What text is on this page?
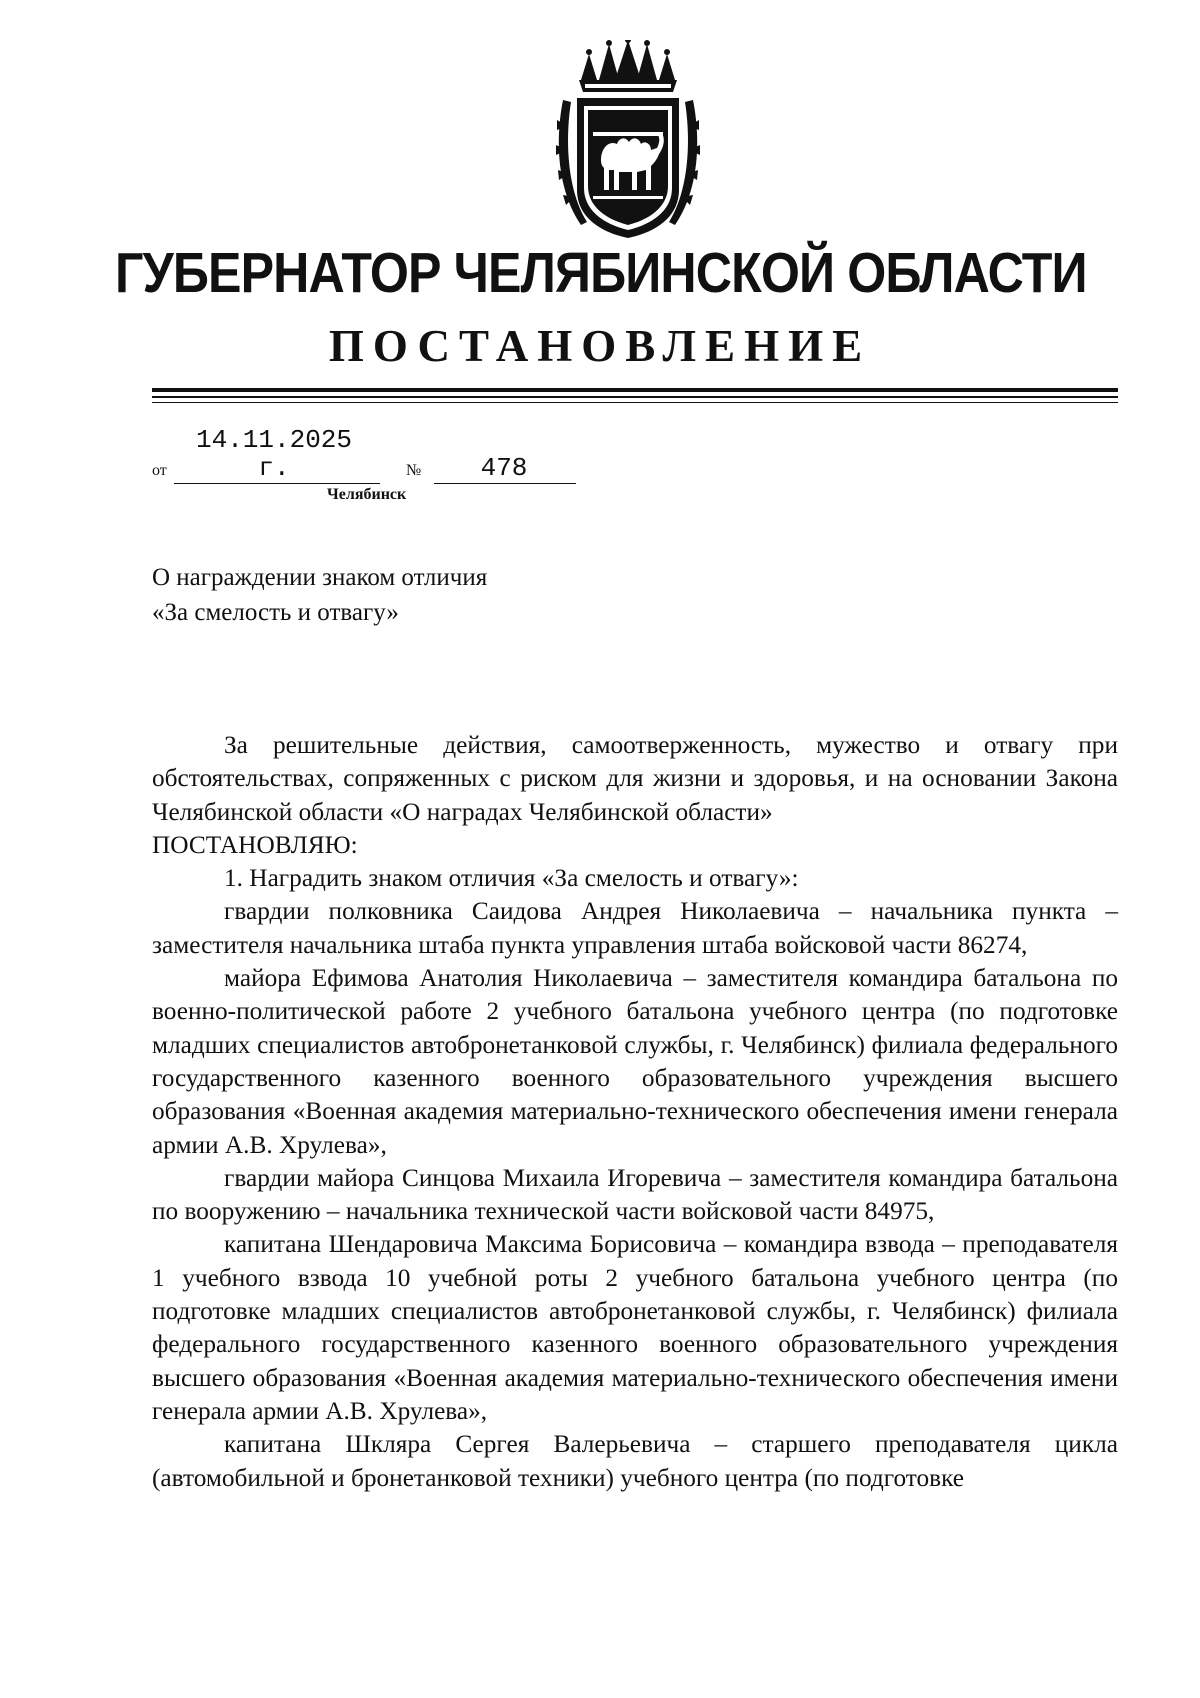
ГУБЕРНАТОР ЧЕЛЯБИНСКОЙ ОБЛАСТИ
ПОСТАНОВЛЕНИЕ
от
14.11.2025 г.	№	478
Челябинск
О награждении знаком отличия
«За смелость и отвагу»

За решительные действия, самоотверженность, мужество и отвагу при обстоятельствах, сопряженных с риском для жизни и здоровья, и на основании Закона Челябинской области «О наградах Челябинской области»

ПОСТАНОВЛЯЮ:

1. Наградить знаком отличия «За смелость и отвагу»:

гвардии полковника Саидова Андрея Николаевича – начальника пункта – заместителя начальника штаба пункта управления штаба войсковой части 86274,

майора Ефимова Анатолия Николаевича – заместителя командира батальона по военно-политической работе 2 учебного батальона учебного центра (по подготовке младших специалистов автобронетанковой службы, г. Челябинск) филиала федерального государственного казенного военного образовательного учреждения высшего образования «Военная академия материально-технического обеспечения имени генерала армии А.В. Хрулева»,

гвардии майора Синцова Михаила Игоревича – заместителя командира батальона по вооружению – начальника технической части войсковой части 84975,

капитана Шендаровича Максима Борисовича – командира взвода – преподавателя 1 учебного взвода 10 учебной роты 2 учебного батальона учебного центра (по подготовке младших специалистов автобронетанковой службы, г. Челябинск) филиала федерального государственного казенного военного образовательного учреждения высшего образования «Военная академия материально-технического обеспечения имени генерала армии А.В. Хрулева»,

капитана Шкляра Сергея Валерьевича – старшего преподавателя цикла (автомобильной и бронетанковой техники) учебного центра (по подготовке
